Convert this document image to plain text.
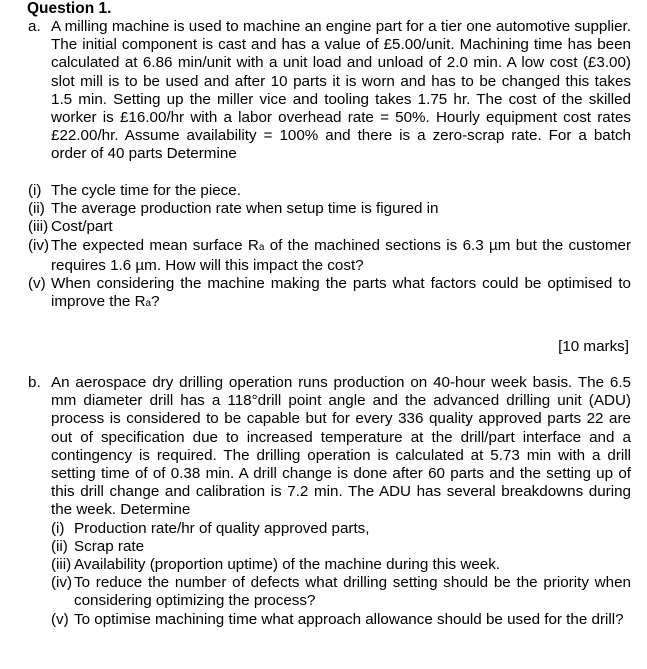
Question 1.
a. A milling machine is used to machine an engine part for a tier one automotive supplier. The initial component is cast and has a value of £5.00/unit. Machining time has been calculated at 6.86 min/unit with a unit load and unload of 2.0 min. A low cost (£3.00) slot mill is to be used and after 10 parts it is worn and has to be changed this takes 1.5 min. Setting up the miller vice and tooling takes 1.75 hr. The cost of the skilled worker is £16.00/hr with a labor overhead rate = 50%. Hourly equipment cost rates £22.00/hr. Assume availability = 100% and there is a zero-scrap rate. For a batch order of 40 parts Determine
(i) The cycle time for the piece.
(ii) The average production rate when setup time is figured in
(iii) Cost/part
(iv) The expected mean surface Ra of the machined sections is 6.3 µm but the customer requires 1.6 µm. How will this impact the cost?
(v) When considering the machine making the parts what factors could be optimised to improve the Ra?
[10 marks]
b. An aerospace dry drilling operation runs production on 40-hour week basis. The 6.5 mm diameter drill has a 118°drill point angle and the advanced drilling unit (ADU) process is considered to be capable but for every 336 quality approved parts 22 are out of specification due to increased temperature at the drill/part interface and a contingency is required. The drilling operation is calculated at 5.73 min with a drill setting time of of 0.38 min. A drill change is done after 60 parts and the setting up of this drill change and calibration is 7.2 min. The ADU has several breakdowns during the week. Determine
(i) Production rate/hr of quality approved parts,
(ii) Scrap rate
(iii) Availability (proportion uptime) of the machine during this week.
(iv) To reduce the number of defects what drilling setting should be the priority when considering optimizing the process?
(v) To optimise machining time what approach allowance should be used for the drill?
